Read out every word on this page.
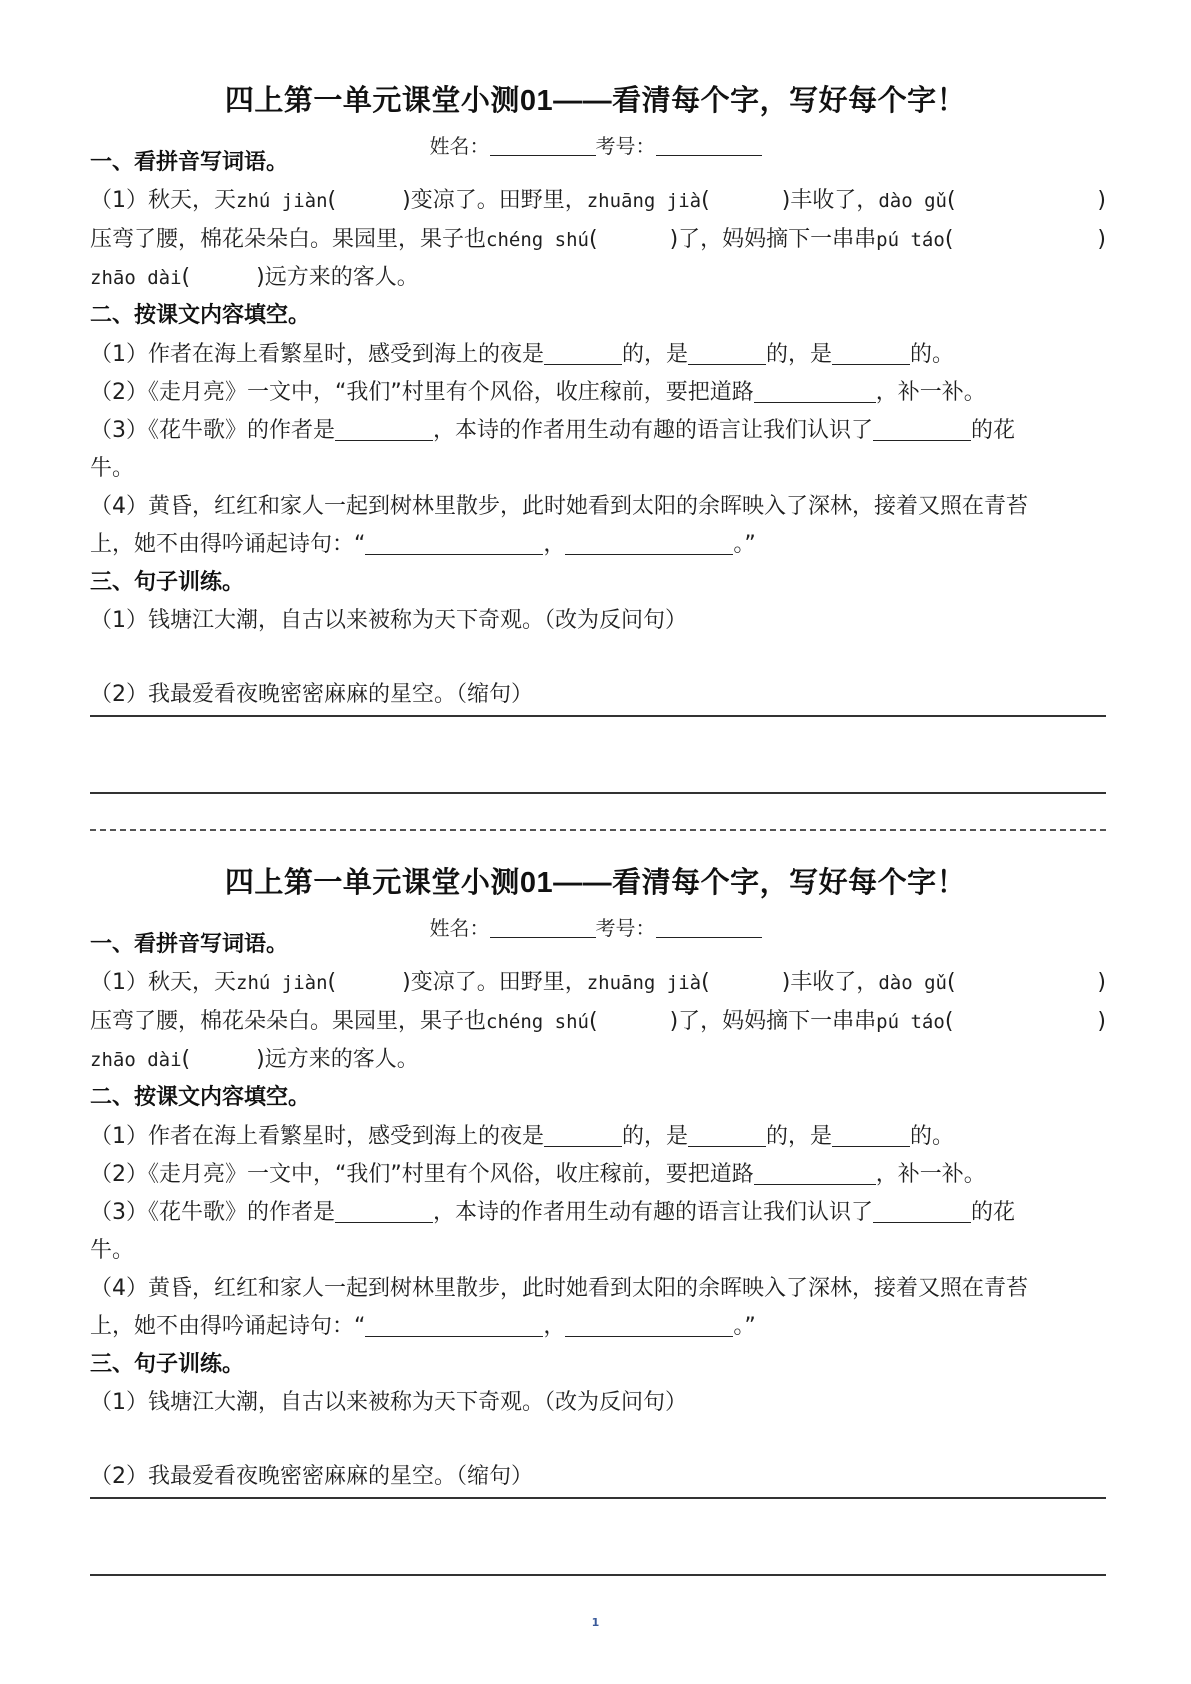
四上第一单元课堂小测01——看清每个字，写好每个字！
姓名：	考号：
一、看拼音写词语。
（1）秋天，天zhú jiàn(	)变凉了。田野里，zhuāng jià(	)丰收了，dào gǔ(	)
压弯了腰，棉花朵朵白。果园里，果子也chéng shú(	)了，妈妈摘下一串串pú táo(	)
zhāo dài(	)远方来的客人。
二、按课文内容填空。
（1）作者在海上看繁星时，感受到海上的夜是	的，是	的，是	的。
（2）《走月亮》一文中，“我们”村里有个风俗，收庄稼前，要把道路	，补一补。
（3）《花牛歌》的作者是	，本诗的作者用生动有趣的语言让我们认识了	的花
牛。
（4）黄昏，红红和家人一起到树林里散步，此时她看到太阳的余晖映入了深林，接着又照在青苔
上，她不由得吟诵起诗句：“	，	。”
三、句子训练。
（1）钱塘江大潮，自古以来被称为天下奇观。（改为反问句）
（2）我最爱看夜晚密密麻麻的星空。（缩句）
四上第一单元课堂小测01——看清每个字，写好每个字！
姓名：	考号：
一、看拼音写词语。
（1）秋天，天zhú jiàn(	)变凉了。田野里，zhuāng jià(	)丰收了，dào gǔ(	)
压弯了腰，棉花朵朵白。果园里，果子也chéng shú(	)了，妈妈摘下一串串pú táo(	)
zhāo dài(	)远方来的客人。
二、按课文内容填空。
（1）作者在海上看繁星时，感受到海上的夜是	的，是	的，是	的。
（2）《走月亮》一文中，“我们”村里有个风俗，收庄稼前，要把道路	，补一补。
（3）《花牛歌》的作者是	，本诗的作者用生动有趣的语言让我们认识了	的花
牛。
（4）黄昏，红红和家人一起到树林里散步，此时她看到太阳的余晖映入了深林，接着又照在青苔
上，她不由得吟诵起诗句：“	，	。”
三、句子训练。
（1）钱塘江大潮，自古以来被称为天下奇观。（改为反问句）
（2）我最爱看夜晚密密麻麻的星空。（缩句）
1
